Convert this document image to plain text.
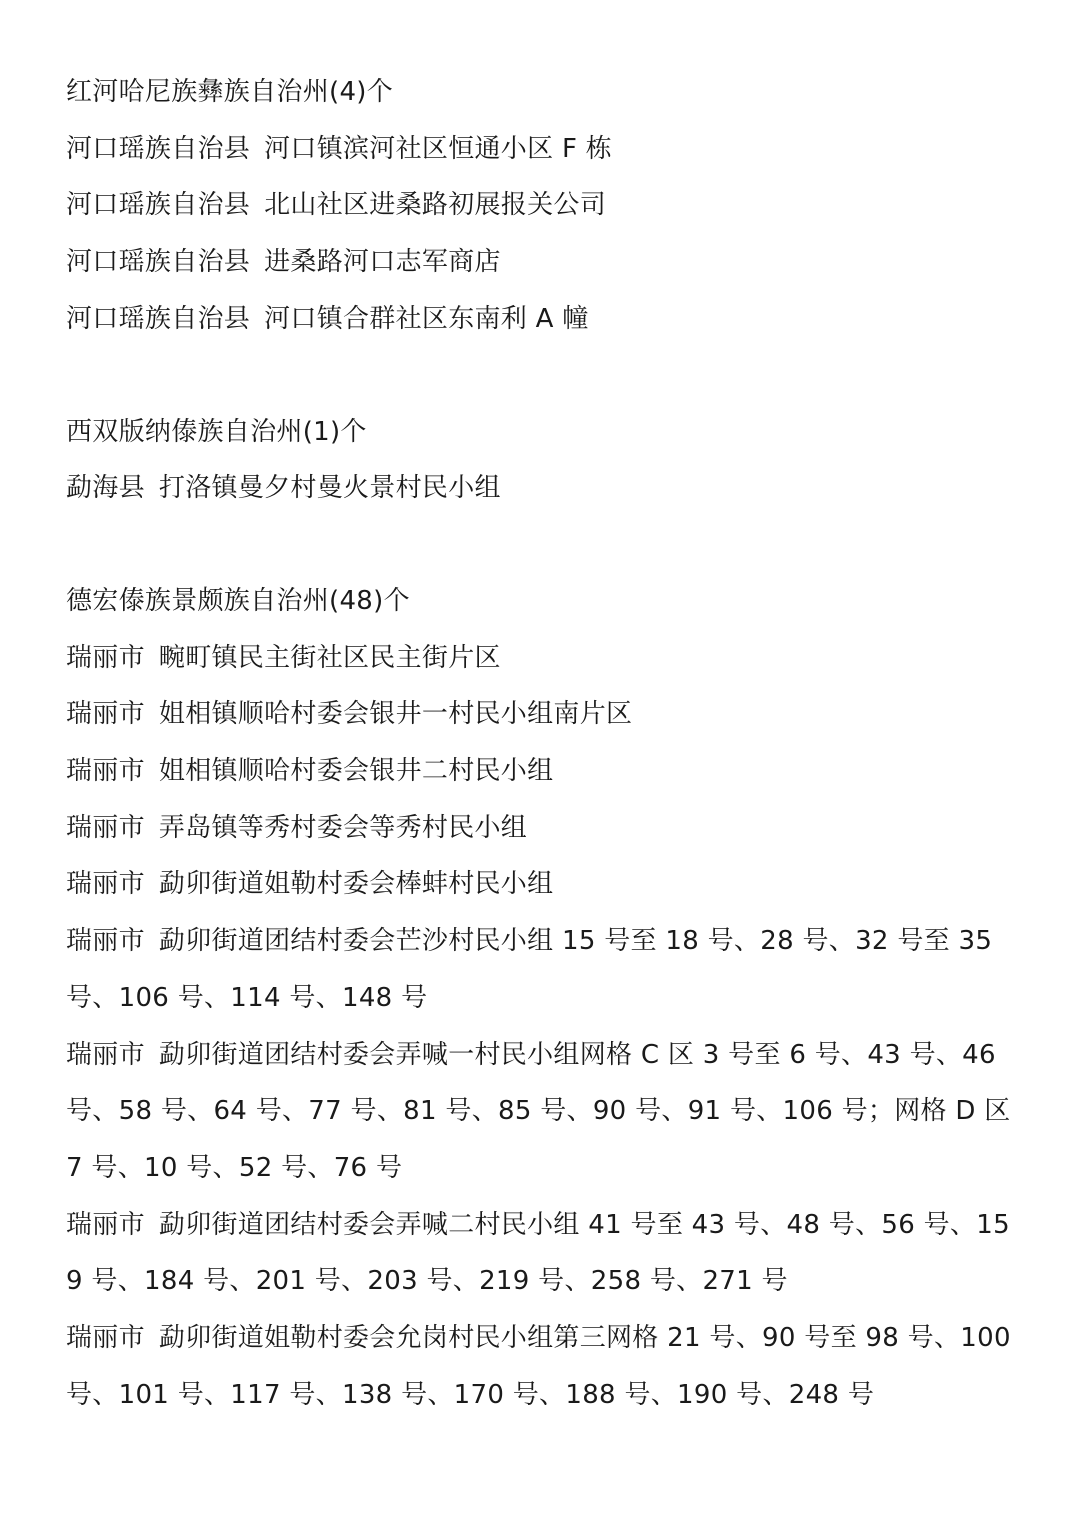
红河哈尼族彝族自治州(4)个

河口瑶族自治县 河口镇滨河社区恒通小区 F 栋

河口瑶族自治县 北山社区进桑路初展报关公司

河口瑶族自治县 进桑路河口志军商店

河口瑶族自治县 河口镇合群社区东南利 A 幢

西双版纳傣族自治州(1)个

勐海县 打洛镇曼夕村曼火景村民小组

德宏傣族景颇族自治州(48)个

瑞丽市 畹町镇民主街社区民主街片区

瑞丽市 姐相镇顺哈村委会银井一村民小组南片区

瑞丽市 姐相镇顺哈村委会银井二村民小组

瑞丽市 弄岛镇等秀村委会等秀村民小组

瑞丽市 勐卯街道姐勒村委会棒蚌村民小组

瑞丽市 勐卯街道团结村委会芒沙村民小组 15 号至 18 号、28 号、32 号至 35 号、106 号、114 号、148 号

瑞丽市 勐卯街道团结村委会弄喊一村民小组网格 C 区 3 号至 6 号、43 号、46 号、58 号、64 号、77 号、81 号、85 号、90 号、91 号、106 号；网格 D 区 7 号、10 号、52 号、76 号

瑞丽市 勐卯街道团结村委会弄喊二村民小组 41 号至 43 号、48 号、56 号、159 号、184 号、201 号、203 号、219 号、258 号、271 号

瑞丽市 勐卯街道姐勒村委会允岗村民小组第三网格 21 号、90 号至 98 号、100 号、101 号、117 号、138 号、170 号、188 号、190 号、248 号
